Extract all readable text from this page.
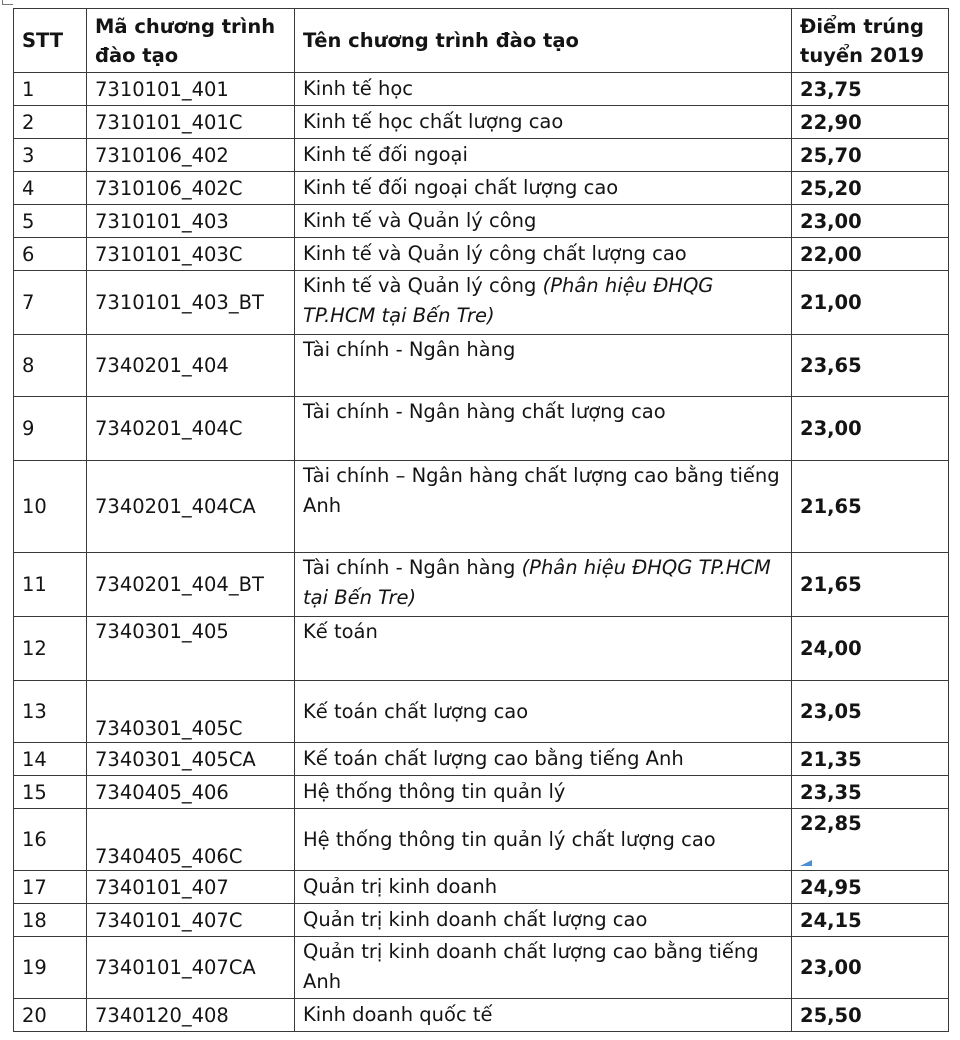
STT	Mã chương trình đào tạo	Tên chương trình đào tạo	Điểm trúng tuyển 2019
1	7310101_401	Kinh tế học	23,75
2	7310101_401C	Kinh tế học chất lượng cao	22,90
3	7310106_402	Kinh tế đối ngoại	25,70
4	7310106_402C	Kinh tế đối ngoại chất lượng cao	25,20
5	7310101_403	Kinh tế và Quản lý công	23,00
6	7310101_403C	Kinh tế và Quản lý công chất lượng cao	22,00
7	7310101_403_BT	Kinh tế và Quản lý công (Phân hiệu ĐHQG TP.HCM tại Bến Tre)	21,00
8	7340201_404	Tài chính - Ngân hàng	23,65
9	7340201_404C	Tài chính - Ngân hàng chất lượng cao	23,00
10	7340201_404CA	Tài chính – Ngân hàng chất lượng cao bằng tiếng Anh	21,65
11	7340201_404_BT	Tài chính - Ngân hàng (Phân hiệu ĐHQG TP.HCM tại Bến Tre)	21,65
12	7340301_405	Kế toán	24,00
13	7340301_405C	Kế toán chất lượng cao	23,05
14	7340301_405CA	Kế toán chất lượng cao bằng tiếng Anh	21,35
15	7340405_406	Hệ thống thông tin quản lý	23,35
16	7340405_406C	Hệ thống thông tin quản lý chất lượng cao	22,85
17	7340101_407	Quản trị kinh doanh	24,95
18	7340101_407C	Quản trị kinh doanh chất lượng cao	24,15
19	7340101_407CA	Quản trị kinh doanh chất lượng cao bằng tiếng Anh	23,00
20	7340120_408	Kinh doanh quốc tế	25,50
